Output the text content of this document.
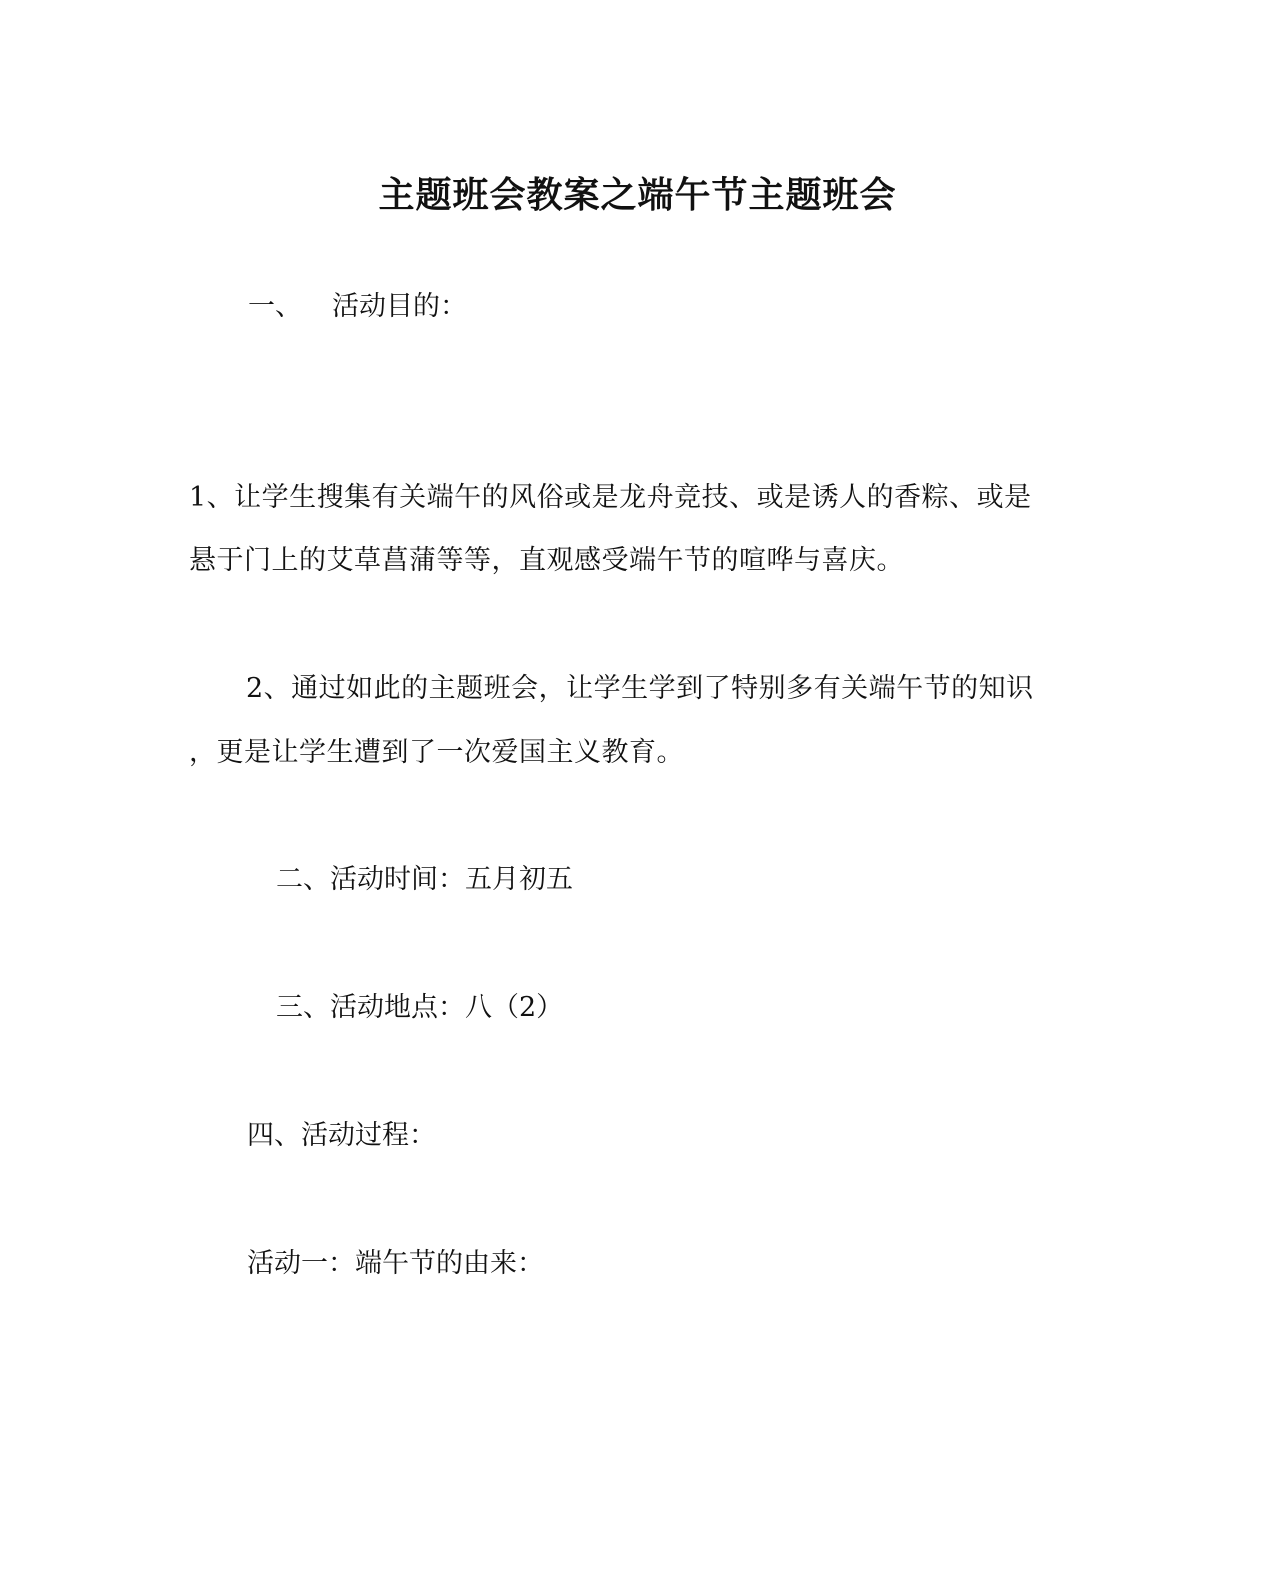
主题班会教案之端午节主题班会
一、 活动目的：
1、让学生搜集有关端午的风俗或是龙舟竞技、或是诱人的香粽、或是
悬于门上的艾草菖蒲等等，直观感受端午节的喧哗与喜庆。
2、通过如此的主题班会，让学生学到了特别多有关端午节的知识
，更是让学生遭到了一次爱国主义教育。
二、活动时间：五月初五
三、活动地点：八（2）
四、活动过程：
活动一：端午节的由来：
